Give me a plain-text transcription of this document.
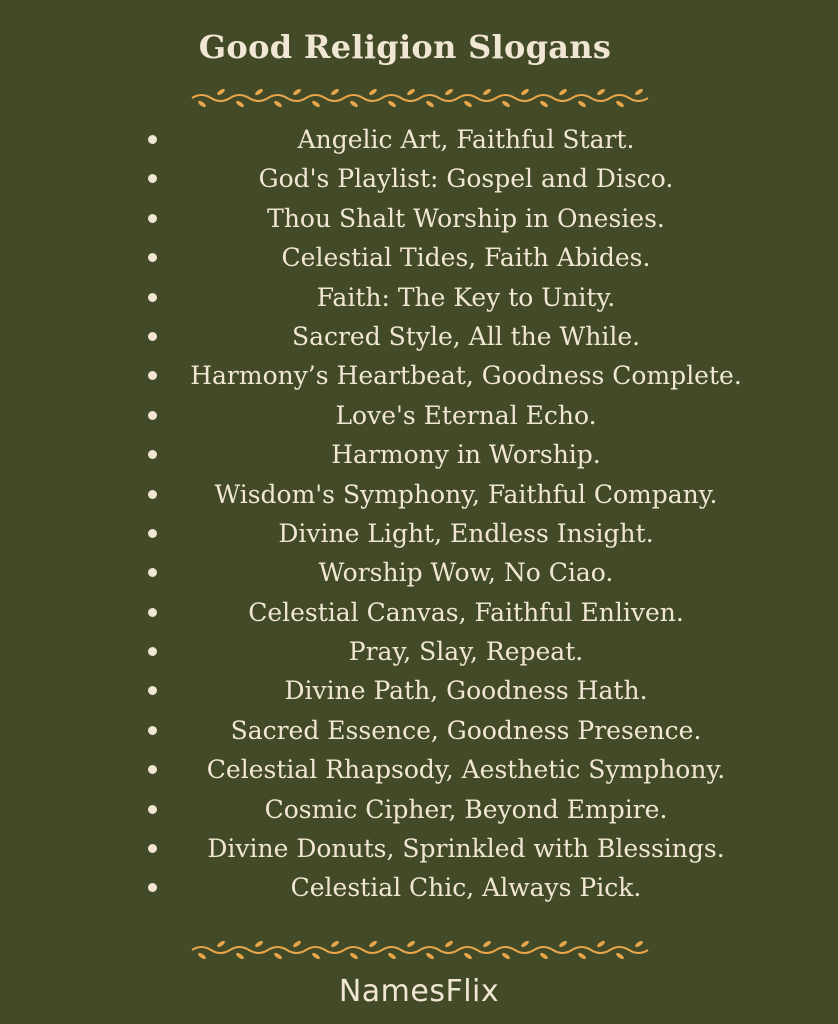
Good Religion Slogans
Angelic Art, Faithful Start.
God's Playlist: Gospel and Disco.
Thou Shalt Worship in Onesies.
Celestial Tides, Faith Abides.
Faith: The Key to Unity.
Sacred Style, All the While.
Harmony’s Heartbeat, Goodness Complete.
Love's Eternal Echo.
Harmony in Worship.
Wisdom's Symphony, Faithful Company.
Divine Light, Endless Insight.
Worship Wow, No Ciao.
Celestial Canvas, Faithful Enliven.
Pray, Slay, Repeat.
Divine Path, Goodness Hath.
Sacred Essence, Goodness Presence.
Celestial Rhapsody, Aesthetic Symphony.
Cosmic Cipher, Beyond Empire.
Divine Donuts, Sprinkled with Blessings.
Celestial Chic, Always Pick.
NamesFlix
